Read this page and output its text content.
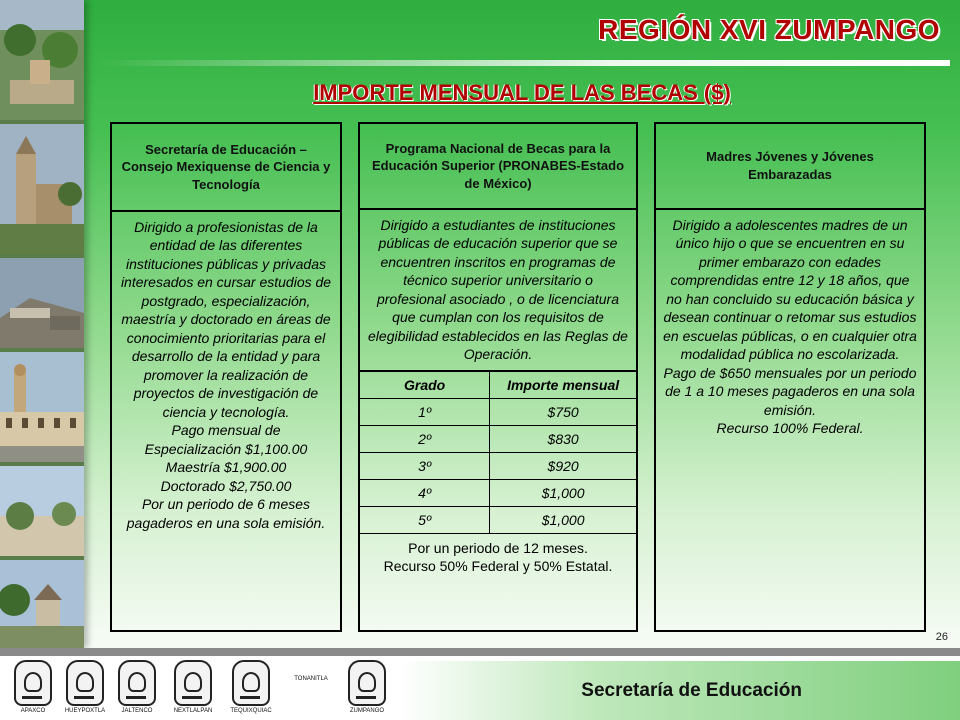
REGIÓN XVI ZUMPANGO
IMPORTE MENSUAL DE LAS BECAS ($)
Secretaría de Educación – Consejo Mexiquense de Ciencia y Tecnología
Dirigido a profesionistas de la entidad de las diferentes instituciones públicas y privadas interesados en cursar estudios de postgrado, especialización, maestría y doctorado en áreas de conocimiento prioritarias para el desarrollo de la entidad y para promover la realización de proyectos de investigación de ciencia y tecnología.
Pago mensual de
Especialización $1,100.00
Maestría $1,900.00
Doctorado $2,750.00
Por un periodo de 6 meses pagaderos en una sola emisión.
Programa Nacional de Becas para la Educación Superior (PRONABES-Estado de México)
Dirigido a estudiantes de instituciones públicas de educación superior que se encuentren inscritos en programas de técnico superior universitario o profesional asociado , o de licenciatura que cumplan con los requisitos de elegibilidad establecidos en las Reglas de Operación.
Grado	Importe mensual
1º	$750
2º	$830
3º	$920
4º	$1,000
5º	$1,000
Por un periodo de 12 meses.
Recurso 50% Federal y 50% Estatal.
Madres Jóvenes y Jóvenes Embarazadas
Dirigido a adolescentes madres de un único hijo o que se encuentren en su primer embarazo con edades comprendidas entre 12 y 18 años, que no han concluido su educación básica y desean continuar o retomar sus estudios en escuelas públicas, o en cualquier otra modalidad pública no escolarizada.
Pago de $650 mensuales por un periodo de 1 a 10 meses pagaderos en una sola emisión.
Recurso 100% Federal.
26
Secretaría de Educación
APAXCO	HUEYPOXTLA	JALTENCO	NEXTLALPAN	TEQUIXQUIAC
TONANITLA
ZUMPANGO
